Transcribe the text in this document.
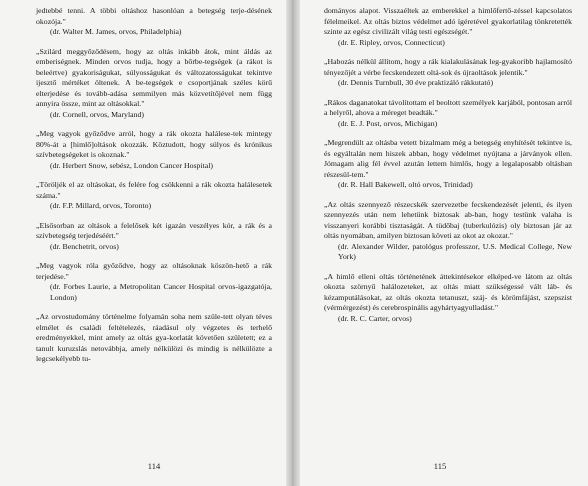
jedtebbé tenni. A többi oltáshoz hasonlóan a betegség terje-désének okozója."

(dr. Walter M. James, orvos, Philadelphia)

„Szilárd meggyőződésem, hogy az oltás inkább átok, mint áldás az emberiségnek. Minden orvos tudja, hogy a bőrbe-tegségek (a rákot is beleértve) gyakoriságukat, súlyosságukat és változatosságukat tekintve ijesztő mértéket öltenek. A be-tegségek e csoportjának széles körű elterjedése és tovább-adása semmilyen más közvetítőjével nem függ annyira össze, mint az oltásokkal."

(dr. Cornell, orvos, Maryland)

„Meg vagyok győződve arról, hogy a rák okozta halálese-tek mintegy 80%-át a [himlő]oltások okozzák. Köztudott, hogy súlyos és krónikus szívbetegségeket is okoznak."

(dr. Herbert Snow, sebész, London Cancer Hospital)

„Töröljék el az oltásokat, és felére fog csökkenni a rák okozta halálesetek száma."

(dr. F.P. Millard, orvos, Toronto)

„Elsősorban az oltások a felelősek két igazán veszélyes kór, a rák és a szívbetegség terjedéséért."

(dr. Benchetrit, orvos)

„Meg vagyok róla győződve, hogy az oltásoknak köszön-hető a rák terjedése."

(dr. Forbes Laurie, a Metropolitan Cancer Hospital orvos-igazgatója, London)

„Az orvostudomány történelme folyamán soha nem szüle-tett olyan téves elmélet és családi feltételezés, ráadásul oly végzetes és terhelő eredményekkel, mint amely az oltás gya-korlatát követően született; ez a tanult kuruzslás netovábbja, amely nélkülözi és mindig is nélkülözte a legcsekélyebb tu-

114

dományos alapot. Visszaéltek az emberekkel a himlőfertő-zéssel kapcsolatos félelmeikel. Az oltás biztos védelmet adó ígéretével gyakorlatilag tönkretették szinte az egész civilizált világ testi egészségét."

(dr. E. Ripley, orvos, Connecticut)

„Habozás nélkül állítom, hogy a rák kialakulásának leg-gyakoribb hajlamosító tényezőjét a vérbe fecskendezett oltá-sok és újraoltások jelentik."

(dr. Dennis Turnbull, 30 éve praktizáló rákkutató)

„Rákos daganatokat távolítottam el beoltott személyek karjából, pontosan arról a helyről, ahova a méreget beadták."

(dr. E. J. Post, orvos, Michigan)

„Megrendült az oltásba vetett bizalmam még a betegség enyhítését tekintve is, és egyáltalán nem hiszek abban, hogy védelmet nyújtana a járványok ellen. Jómagam alig fél évvel azután lettem himlős, hogy a legalaposabb oltásban részesül-tem."

(dr. R. Hall Bakewell, oltó orvos, Trinidad)

„Az oltás szennyező részecskék szervezetbe fecskendezését jelenti, és ilyen szennyezés után nem lehetünk biztosak ab-ban, hogy testünk valaha is visszanyeri korábbi tisztaságát. A tüdőbaj (tuberkulózis) oly biztosan jár az oltás nyomában, amilyen biztosan követi az okot az okozat."

(dr. Alexander Wilder, patológus professzor, U.S. Medical College, New York)

„A himlő elleni oltás történetének áttekintésekor elképed-ve látom az oltás okozta szörnyű halálozeteket, az oltás miatt szükségessé vált láb- és kézamputálásokat, az oltás okozta tetanuszt, száj- és körömfájást, szepszist (vérmérgezést) és cerebrospinális agyhártyagyulladást."

(dr. R. C. Carter, orvos)

115
